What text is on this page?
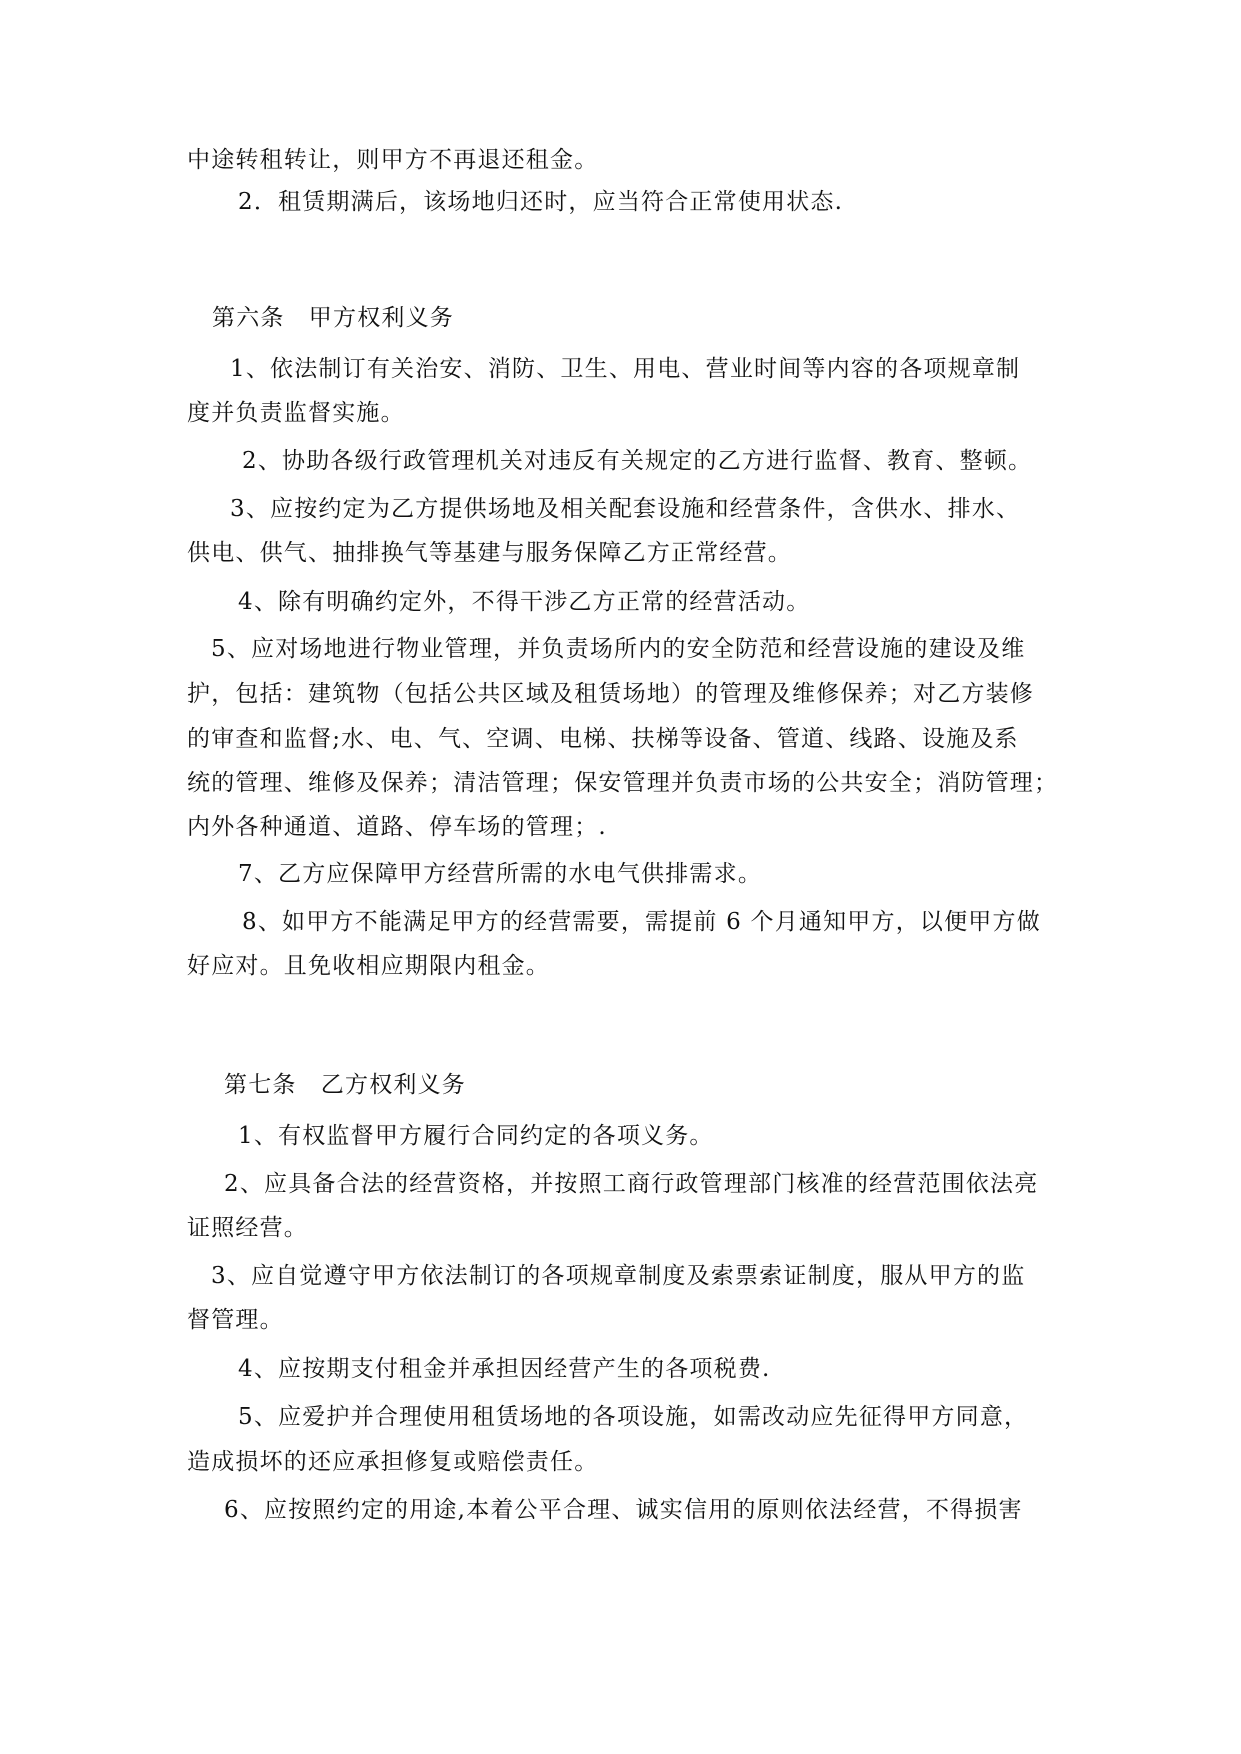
中途转租转让，则甲方不再退还租金。
2．租赁期满后，该场地归还时，应当符合正常使用状态.
第六条　甲方权利义务
1、依法制订有关治安、消防、卫生、用电、营业时间等内容的各项规章制
度并负责监督实施。
2、协助各级行政管理机关对违反有关规定的乙方进行监督、教育、整顿。
3、应按约定为乙方提供场地及相关配套设施和经营条件，含供水、排水、
供电、供气、抽排换气等基建与服务保障乙方正常经营。
4、除有明确约定外，不得干涉乙方正常的经营活动。
5、应对场地进行物业管理，并负责场所内的安全防范和经营设施的建设及维
护，包括：建筑物（包括公共区域及租赁场地）的管理及维修保养；对乙方装修
的审查和监督;水、电、气、空调、电梯、扶梯等设备、管道、线路、设施及系
统的管理、维修及保养；清洁管理；保安管理并负责市场的公共安全；消防管理；
内外各种通道、道路、停车场的管理；.
7、乙方应保障甲方经营所需的水电气供排需求。
8、如甲方不能满足甲方的经营需要，需提前 6 个月通知甲方，以便甲方做
好应对。且免收相应期限内租金。
第七条　乙方权利义务
1、有权监督甲方履行合同约定的各项义务。
2、应具备合法的经营资格，并按照工商行政管理部门核准的经营范围依法亮
证照经营。
3、应自觉遵守甲方依法制订的各项规章制度及索票索证制度，服从甲方的监
督管理。
4、应按期支付租金并承担因经营产生的各项税费.
5、应爱护并合理使用租赁场地的各项设施，如需改动应先征得甲方同意，
造成损坏的还应承担修复或赔偿责任。
6、应按照约定的用途,本着公平合理、诚实信用的原则依法经营，不得损害
